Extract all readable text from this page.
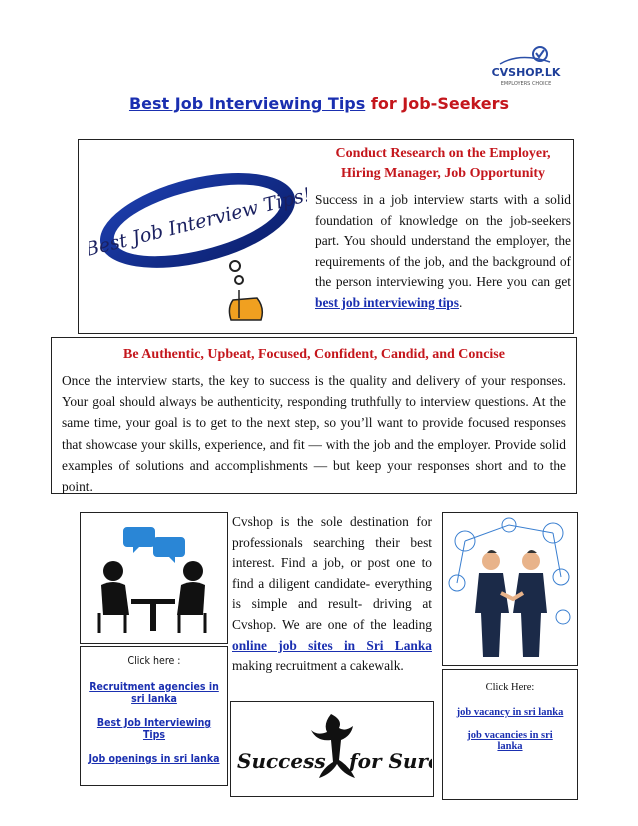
CVSHOP.LK
EMPLOYERS CHOICE
Best Job Interviewing Tips for Job-Seekers
Best Job Interview Tips!

Conduct Research on the Employer, Hiring Manager, Job Opportunity

Success in a job interview starts with a solid foundation of knowledge on the job-seekers part. You should understand the employer, the requirements of the job, and the background of the person interviewing you. Here you can get best job interviewing tips.

Be Authentic, Upbeat, Focused, Confident, Candid, and Concise

Once the interview starts, the key to success is the quality and delivery of your responses. Your goal should always be authenticity, responding truthfully to interview questions. At the same time, your goal is to get to the next step, so you’ll want to provide focused responses that showcase your skills, experience, and fit — with the job and the employer. Provide solid examples of solutions and accomplishments — but keep your responses short and to the point.

Click here :
Recruitment agencies in sri lanka
Best Job Interviewing Tips
Job openings in sri lanka
Cvshop is the sole destination for professionals searching their best interest. Find a job, or post one to find a diligent candidate- everything is simple and result- driving at Cvshop. We are one of the leading online job sites in Sri Lanka making recruitment a cakewalk.
Success for Sure
Click Here:
job vacancy in sri lanka
job vacancies in sri lanka
